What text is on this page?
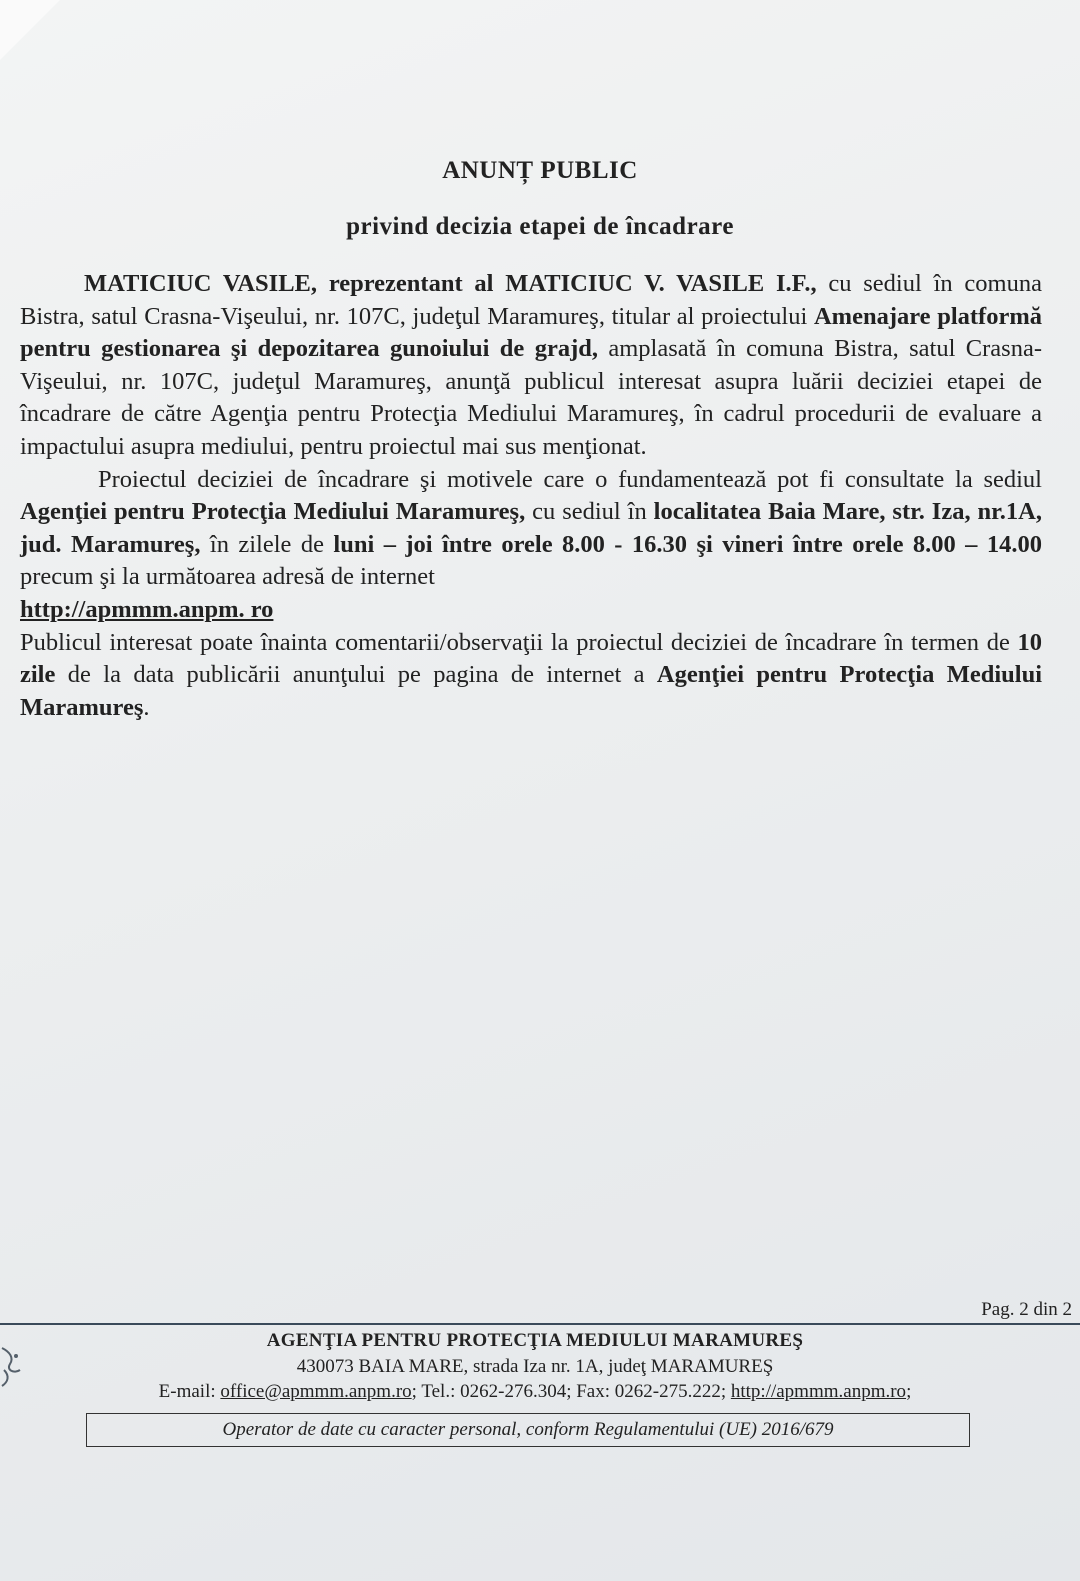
ANUNȚ PUBLIC
privind decizia etapei de încadrare

MATICIUC VASILE, reprezentant al MATICIUC V. VASILE I.F., cu sediul în comuna Bistra, satul Crasna-Vişeului, nr. 107C, judeţul Maramureş, titular al proiectului Amenajare platformă pentru gestionarea şi depozitarea gunoiului de grajd, amplasată în comuna Bistra, satul Crasna-Vişeului, nr. 107C, judeţul Maramureş, anunţă publicul interesat asupra luării deciziei etapei de încadrare de către Agenţia pentru Protecţia Mediului Maramureş, în cadrul procedurii de evaluare a impactului asupra mediului, pentru proiectul mai sus menţionat.

Proiectul deciziei de încadrare şi motivele care o fundamentează pot fi consultate la sediul Agenţiei pentru Protecţia Mediului Maramureş, cu sediul în localitatea Baia Mare, str. Iza, nr.1A, jud. Maramureş, în zilele de luni – joi între orele 8.00 - 16.30 şi vineri între orele 8.00 – 14.00 precum şi la următoarea adresă de internet
http://apmmm.anpm. ro

Publicul interesat poate înainta comentarii/observaţii la proiectul deciziei de încadrare în termen de 10 zile de la data publicării anunţului pe pagina de internet a Agenţiei pentru Protecţia Mediului Maramureş.

Pag. 2 din 2
AGENŢIA PENTRU PROTECŢIA MEDIULUI MARAMUREŞ
430073 BAIA MARE, strada Iza nr. 1A, judeţ MARAMUREŞ
E-mail: office@apmmm.anpm.ro; Tel.: 0262-276.304; Fax: 0262-275.222; http://apmmm.anpm.ro;
Operator de date cu caracter personal, conform Regulamentului (UE) 2016/679
